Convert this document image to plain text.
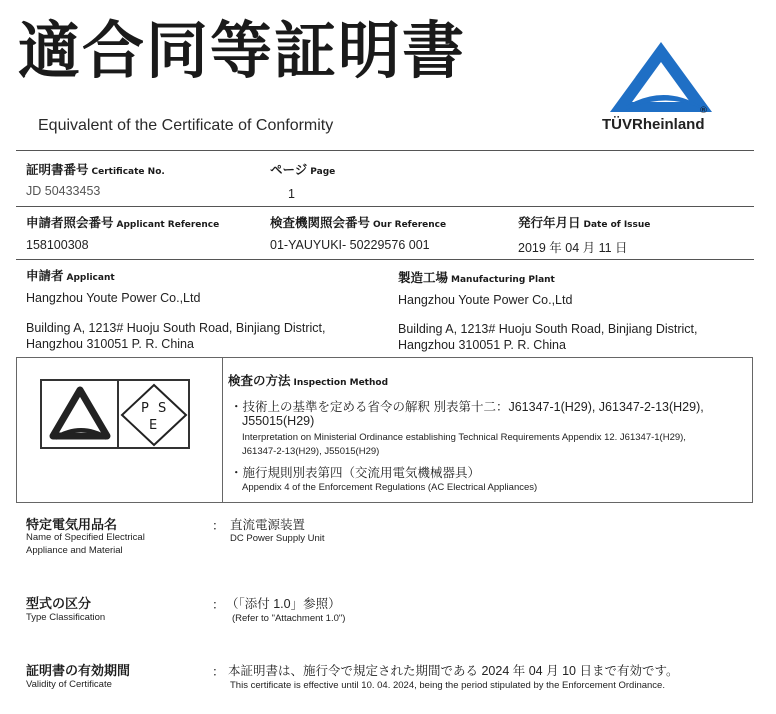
適合同等証明書
Equivalent of the Certificate of Conformity
®
TÜVRheinland
証明書番号 Certificate No.
JD 50433453
ページ Page
1
申請者照会番号 Applicant Reference
158100308
検査機関照会番号 Our Reference
01-YAUYUKI- 50229576 001
発行年月日 Date of Issue
2019 年 04 月 11 日
申請者 Applicant
Hangzhou Youte Power Co.,Ltd
Building A, 1213# Huoju South Road, Binjiang District,
Hangzhou 310051 P. R. China
製造工場 Manufacturing Plant
Hangzhou Youte Power Co.,Ltd
Building A, 1213# Huoju South Road, Binjiang District,
Hangzhou 310051 P. R. China
P S
E
検査の方法 Inspection Method
・技術上の基準を定める省令の解釈 別表第十二：J61347-1(H29), J61347-2-13(H29),
J55015(H29)
Interpretation on Ministerial Ordinance establishing Technical Requirements Appendix 12. J61347-1(H29),
J61347-2-13(H29), J55015(H29)
・施行規則別表第四（交流用電気機械器具）
Appendix 4 of the Enforcement Regulations (AC Electrical Appliances)
特定電気用品名
Name of Specified Electrical
Appliance and Material
： 直流電源装置
DC Power Supply Unit
型式の区分
Type Classification
： （「添付 1.0」参照）
(Refer to "Attachment 1.0")
証明書の有効期間
Validity of Certificate
： 本証明書は、施行令で規定された期間である 2024 年 04 月 10 日まで有効です。
This certificate is effective until 10. 04. 2024, being the period stipulated by the Enforcement Ordinance.
